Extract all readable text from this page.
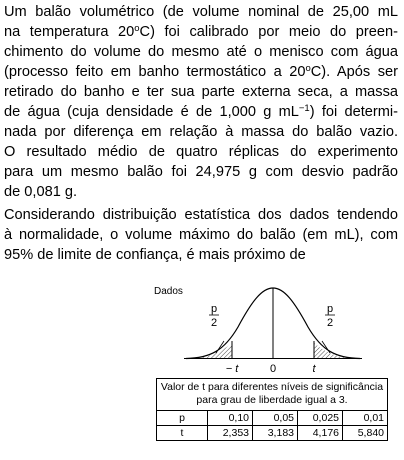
Um balão volumétrico (de volume nominal de 25,00 mL
na temperatura 20$^o$C) foi calibrado por meio do preen-
chimento do volume do mesmo até o menisco com água
(processo feito em banho termostático a 20$^o$C). Após ser
retirado do banho e ter sua parte externa seca, a massa
de água (cuja densidade é de 1,000 g $mL^{-1}$) foi determi-
nada por diferença em relação à massa do balão vazio.
O resultado médio de quatro réplicas do experimento
para um mesmo balão foi 24,975 g com desvio padrão
de 0,081 g.
Considerando distribuição estatística dos dados tendendo
à normalidade, o volume máximo do balão (em mL), com
95% de limite de confiança, é mais próximo de
Dados
p
2
p
2
− t	0	t
Valor de t para diferentes níveis de significância
para grau de liberdade igual a 3.				

p	0,10	0,05	0,025	0,01
t	2,353	3,183	4,176	5,840
